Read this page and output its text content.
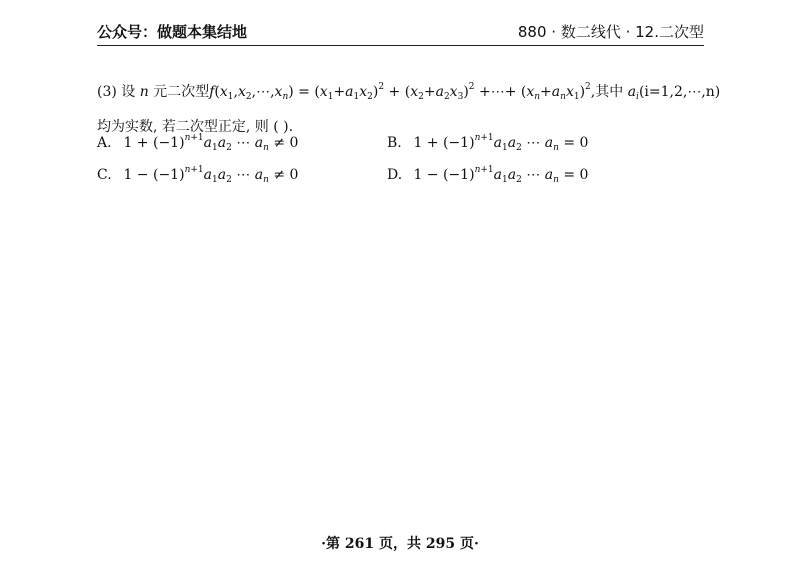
公众号：做题本集结地	880 · 数二线代 · 12.二次型
(3) 设 n 元二次型$f(x_1,x_2,\cdots,x_n) = (x_1+a_1x_2)^2 + (x_2+a_2x_3)^2$ +⋯+ $(x_n+a_nx_1)^2$,其中 $a_i(i=1,2,\cdots,n)$
均为实数, 若二次型正定, 则 ( ).
A. $1 + (-1)^{n+1}a_1a_2$ ⋯ $a_n \ne 0$	B. $1 + (-1)^{n+1}a_1a_2$ ⋯ $a_n = 0$
C. $1 - (-1)^{n+1}a_1a_2$ ⋯ $a_n \ne 0$	D. $1 - (-1)^{n+1}a_1a_2$ ⋯ $a_n = 0$
·第 261 页，共 295 页·
